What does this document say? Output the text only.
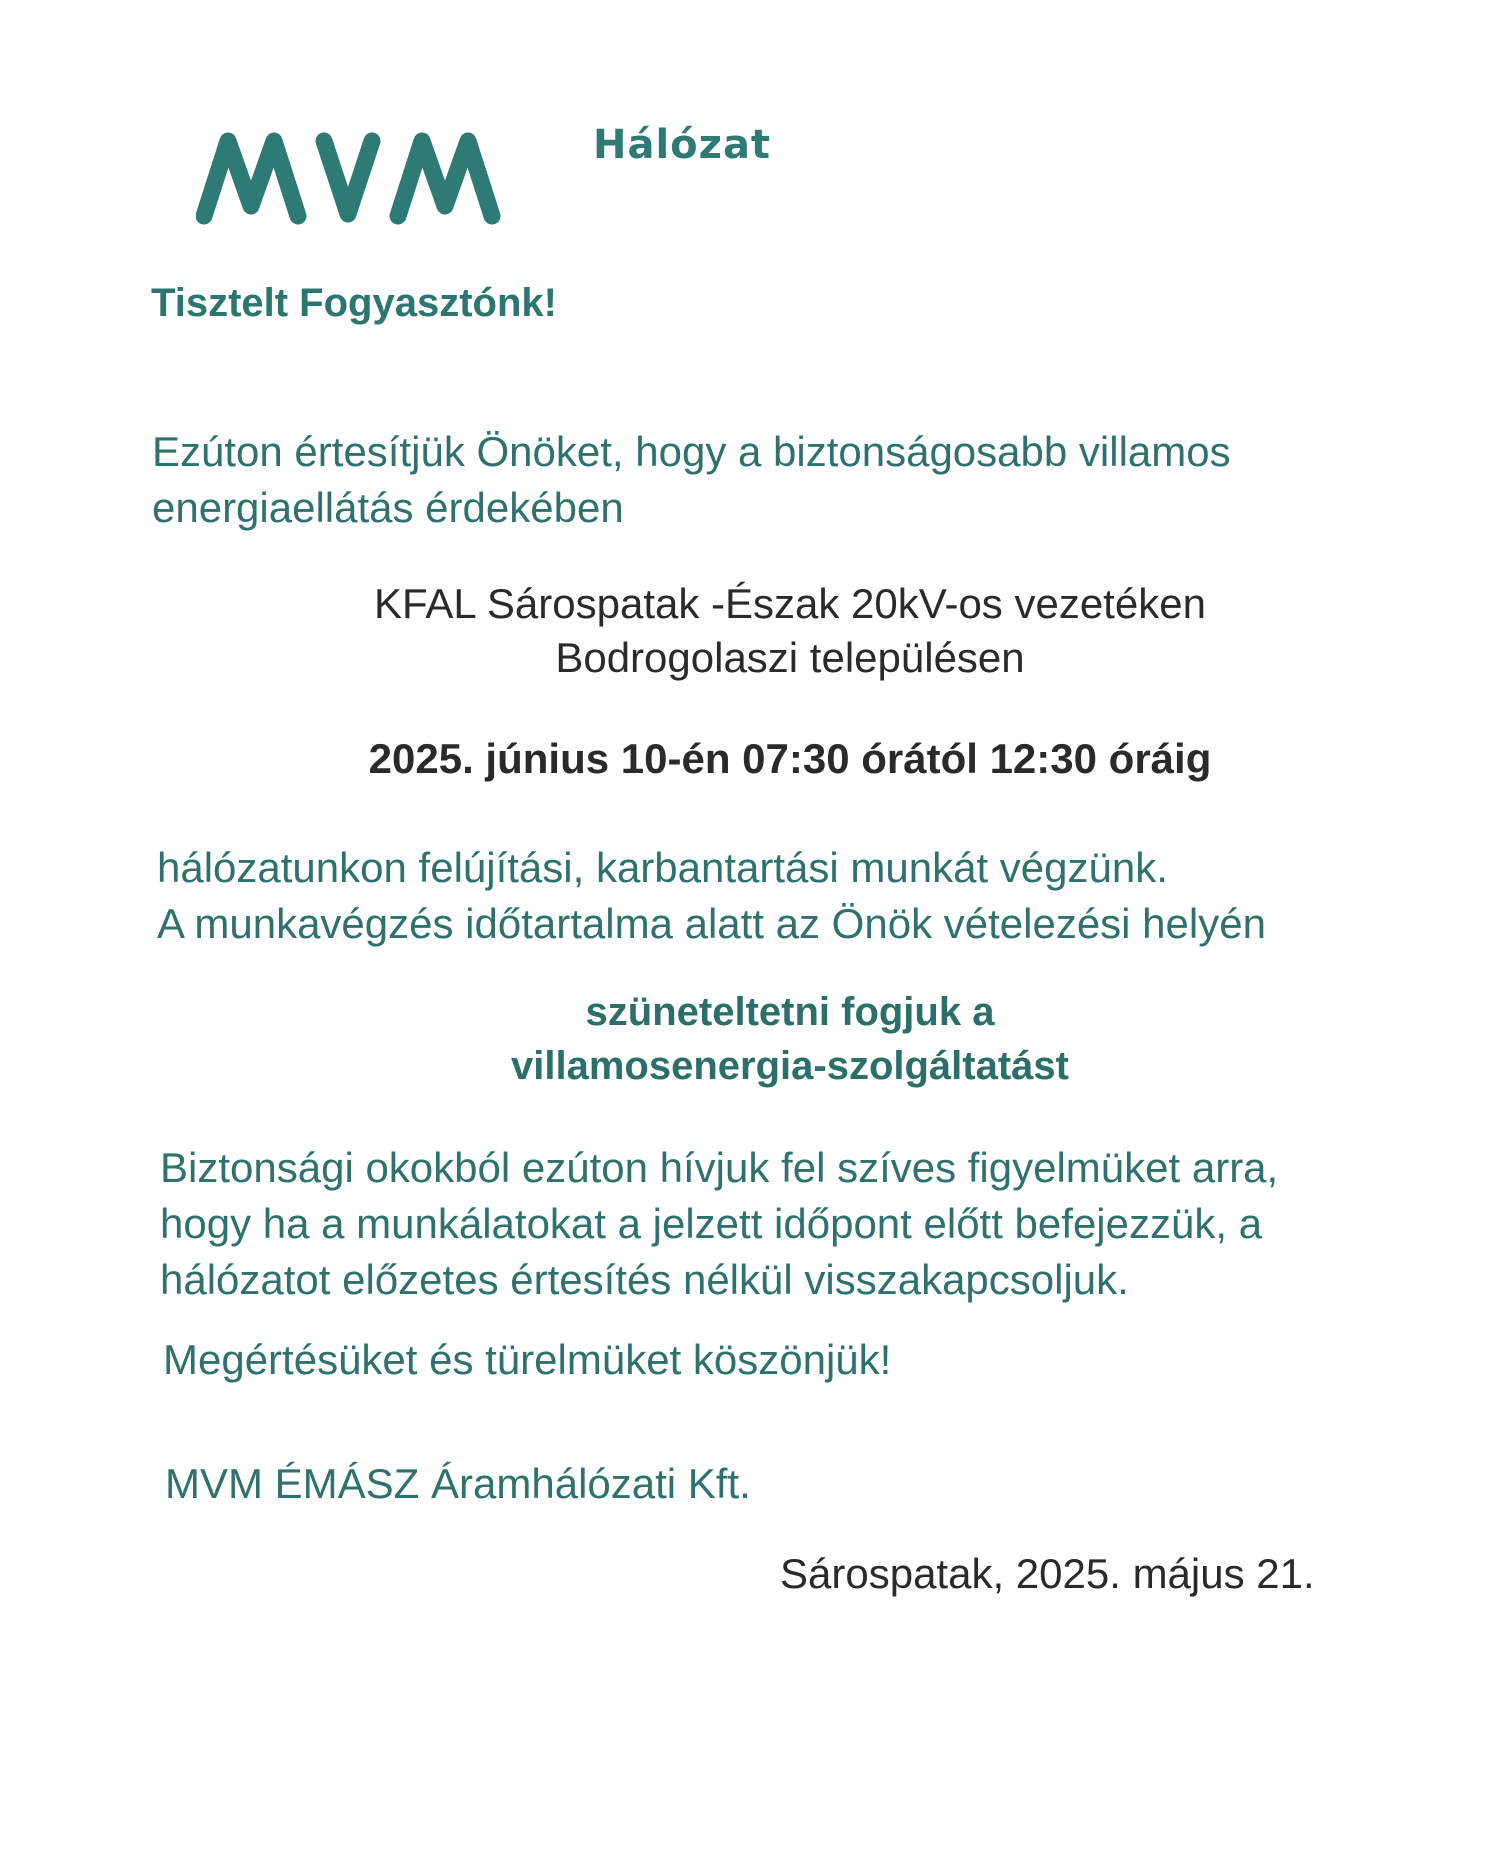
Hálózat
Tisztelt Fogyasztónk!
Ezúton értesítjük Önöket, hogy a biztonságosabb villamos
energiaellátás érdekében
KFAL Sárospatak -Észak 20kV-os vezetéken
Bodrogolaszi településen
2025. június 10-én 07:30 órától 12:30 óráig
hálózatunkon felújítási, karbantartási munkát végzünk.
A munkavégzés időtartalma alatt az Önök vételezési helyén
szüneteltetni fogjuk a
villamosenergia-szolgáltatást
Biztonsági okokból ezúton hívjuk fel szíves figyelmüket arra,
hogy ha a munkálatokat a jelzett időpont előtt befejezzük, a
hálózatot előzetes értesítés nélkül visszakapcsoljuk.
Megértésüket és türelmüket köszönjük!
MVM ÉMÁSZ Áramhálózati Kft.
Sárospatak, 2025. május 21.
